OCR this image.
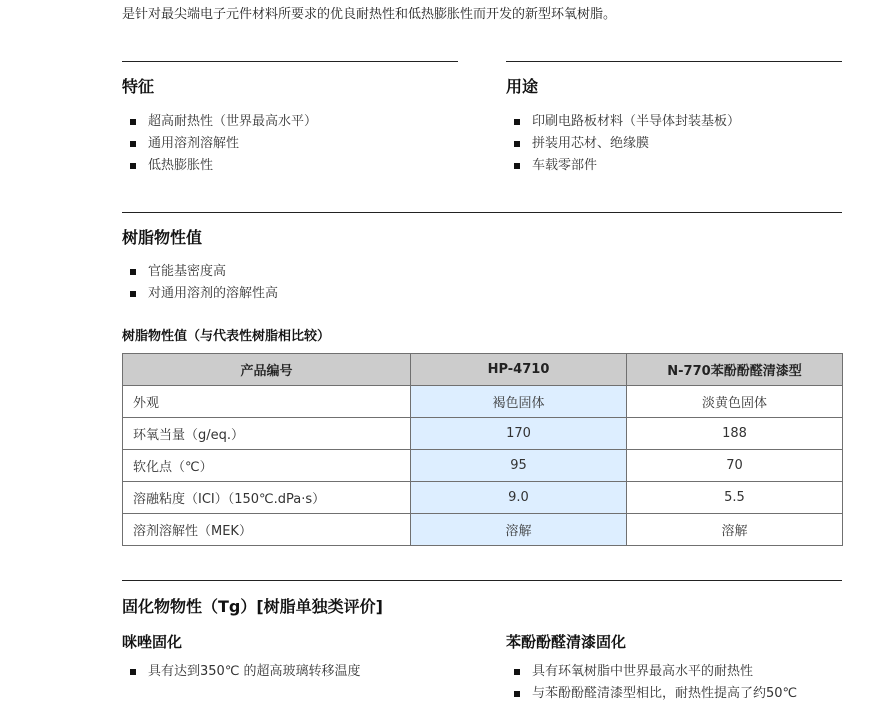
是针对最尖端电子元件材料所要求的优良耐热性和低热膨胀性而开发的新型环氧树脂。
特征
超高耐热性（世界最高水平）
通用溶剂溶解性
低热膨胀性
用途
印刷电路板材料（半导体封装基板）
拼装用芯材、绝缘膜
车载零部件
树脂物性值
官能基密度高
对通用溶剂的溶解性高
树脂物性值（与代表性树脂相比较）
产品编号	HP-4710	N-770苯酚酚醛清漆型
外观	褐色固体	淡黄色固体
环氧当量（g/eq.）	170	188
软化点（℃）	95	70
溶融粘度（ICI）（150℃.dPa·s）	9.0	5.5
溶剂溶解性（MEK）	溶解	溶解
固化物物性（Tg）[树脂单独类评价]
咪唑固化
具有达到350℃ 的超高玻璃转移温度
苯酚酚醛清漆固化
具有环氧树脂中世界最高水平的耐热性
与苯酚酚醛清漆型相比，耐热性提高了约50℃
